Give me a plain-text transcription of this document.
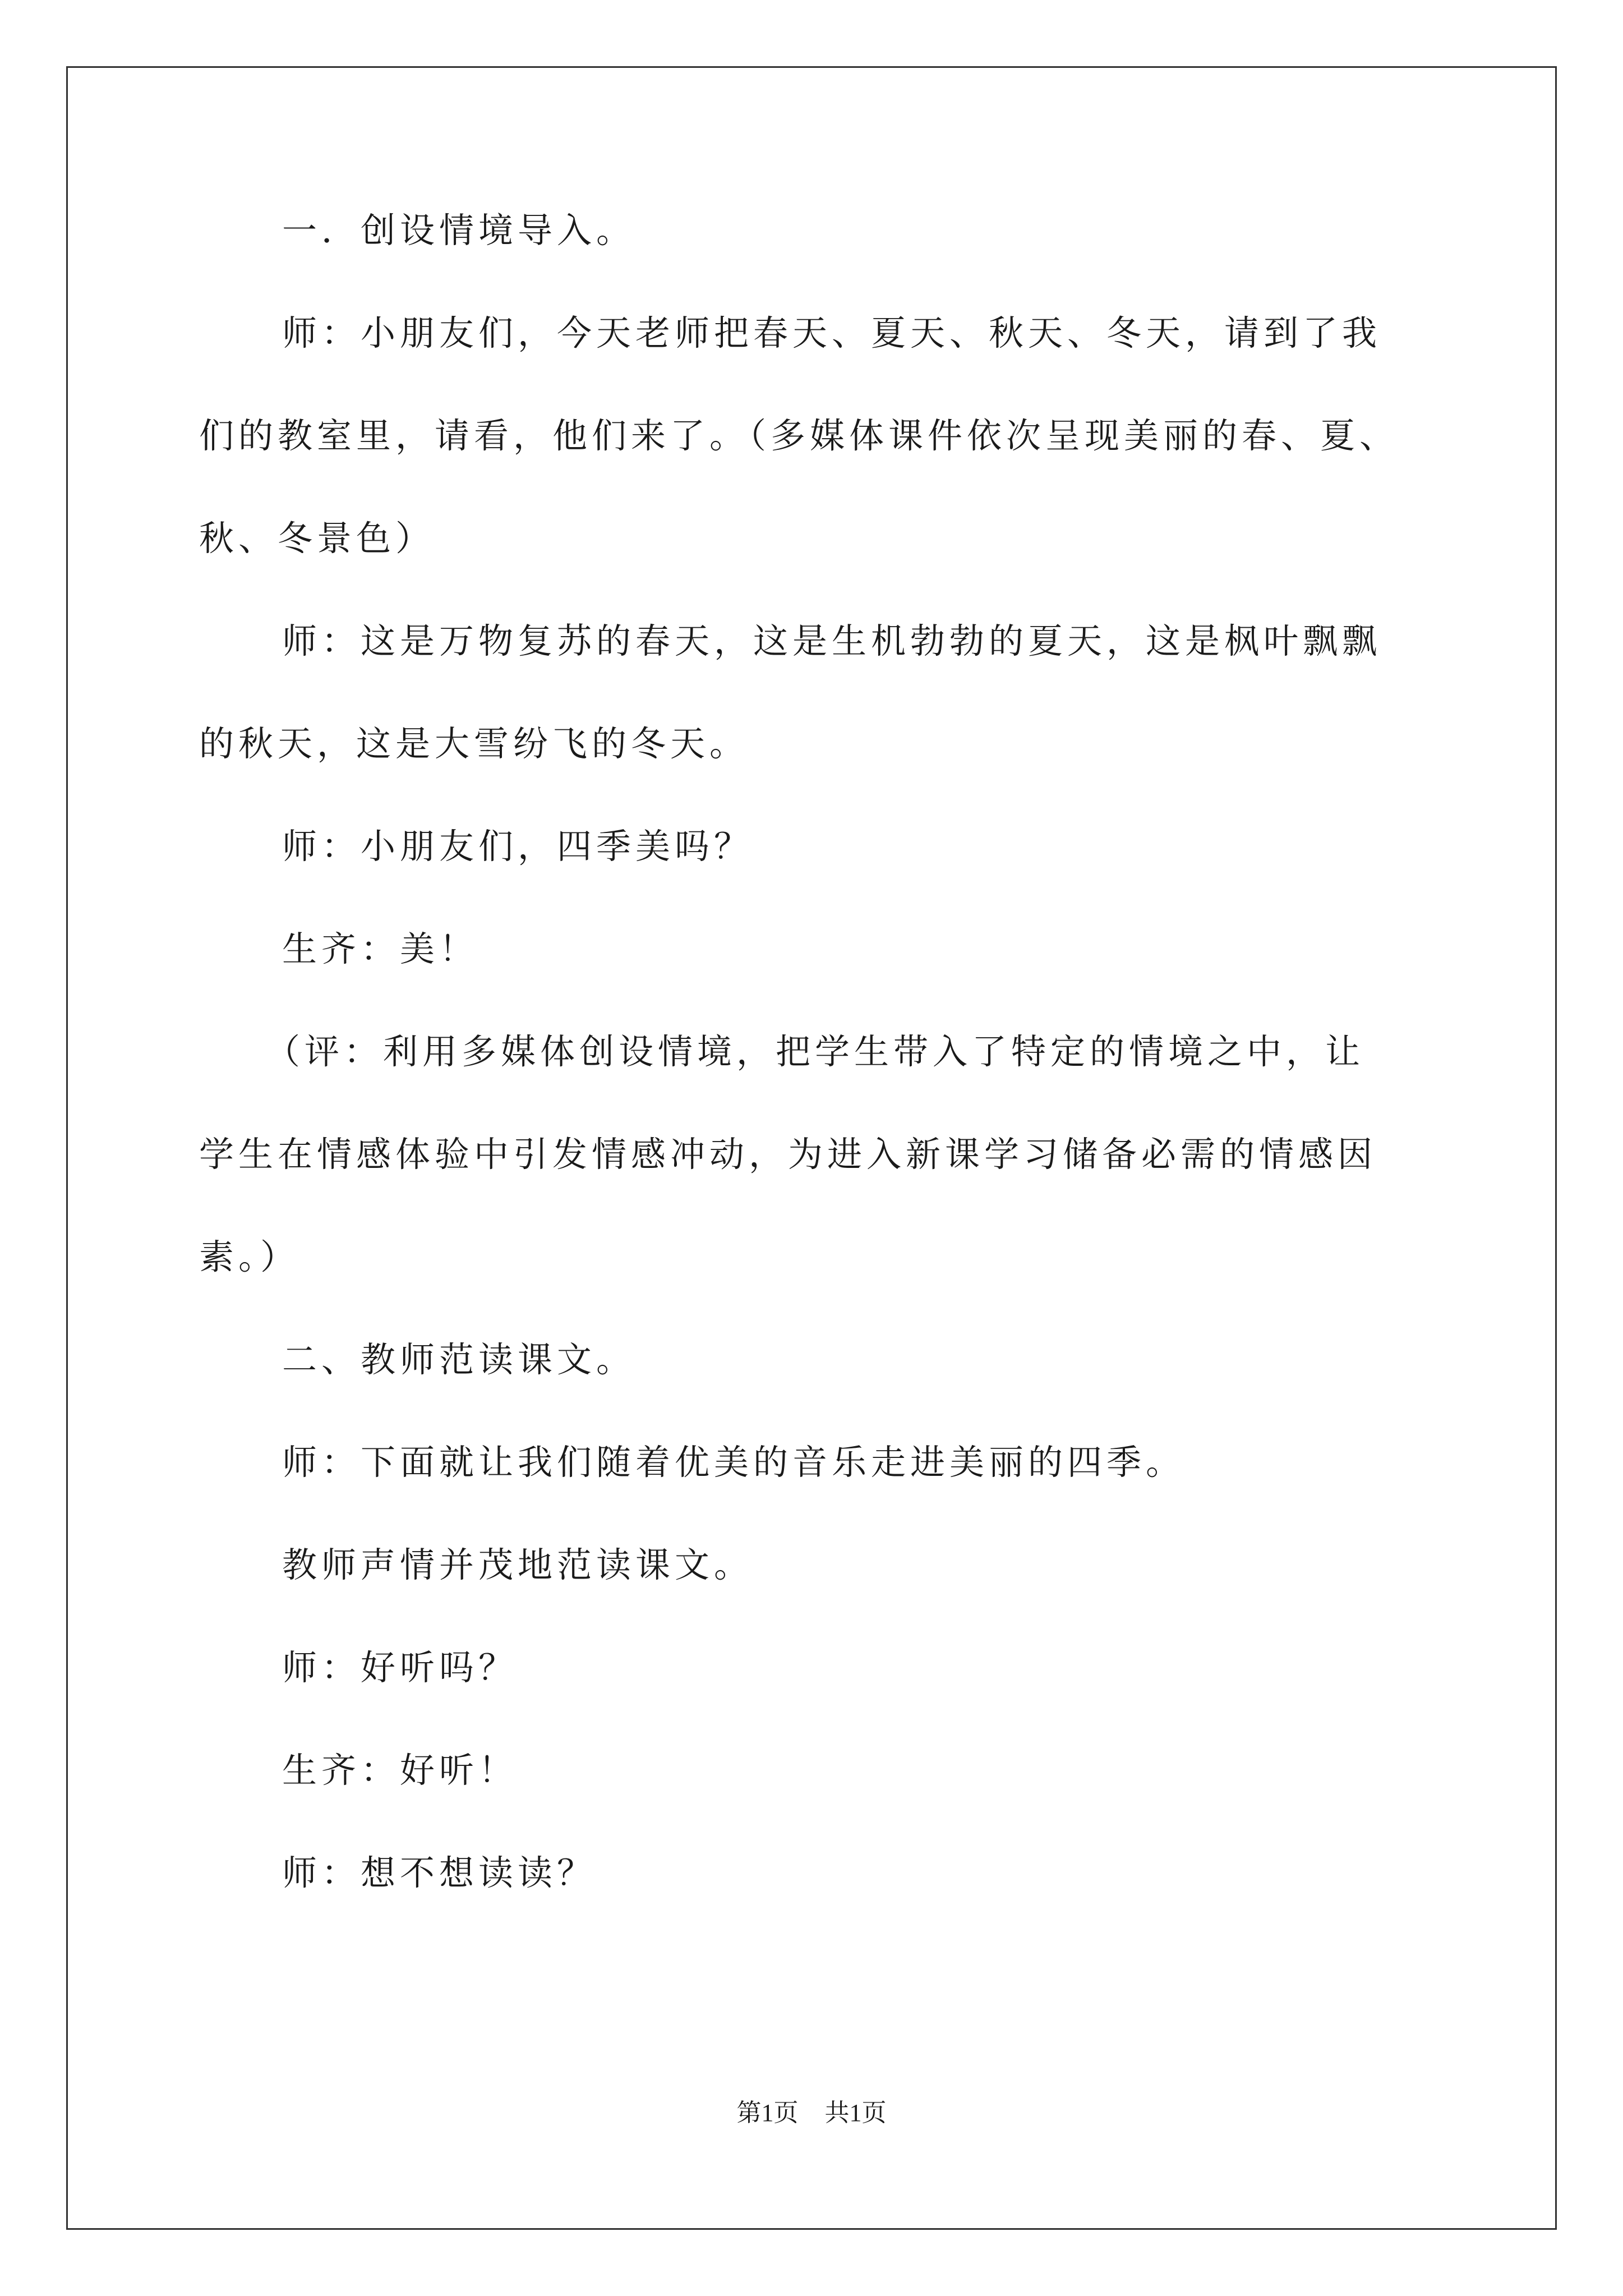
一．创设情境导入。
师：小朋友们，今天老师把春天、夏天、秋天、冬天，请到了我
们的教室里，请看，他们来了。（多媒体课件依次呈现美丽的春、夏、
秋、冬景色）
师：这是万物复苏的春天，这是生机勃勃的夏天，这是枫叶飘飘
的秋天，这是大雪纷飞的冬天。
师：小朋友们，四季美吗？
生齐：美！
（评：利用多媒体创设情境，把学生带入了特定的情境之中，让
学生在情感体验中引发情感冲动，为进入新课学习储备必需的情感因
素。）
二、教师范读课文。
师：下面就让我们随着优美的音乐走进美丽的四季。
教师声情并茂地范读课文。
师：好听吗？
生齐：好听！
师：想不想读读？
第1页 共1页
